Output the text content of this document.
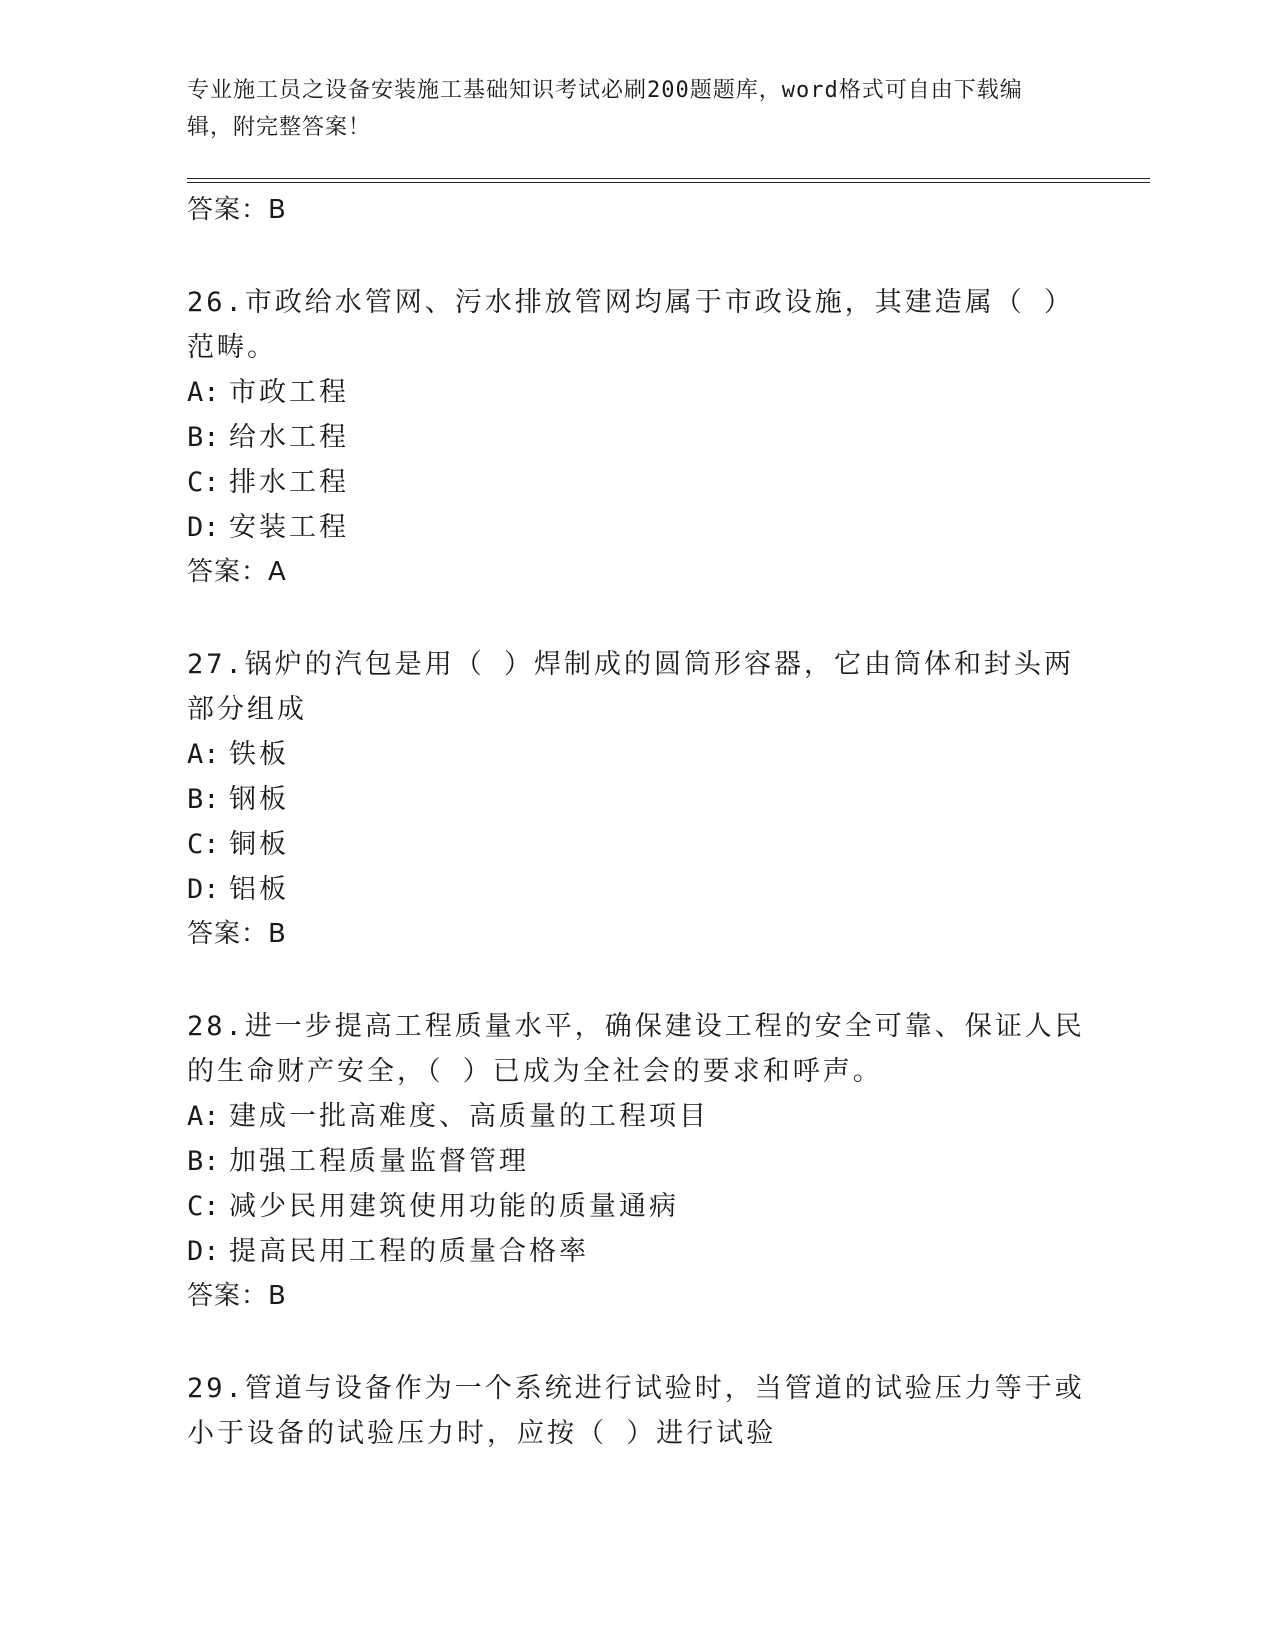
专业施工员之设备安装施工基础知识考试必刷200题题库，word格式可自由下载编辑，附完整答案！

答案：B

26.市政给水管网、污水排放管网均属于市政设施，其建造属（ ）范畴。

A: 市政工程

B: 给水工程

C: 排水工程

D: 安装工程

答案：A

27.锅炉的汽包是用（ ）焊制成的圆筒形容器，它由筒体和封头两部分组成

A: 铁板

B: 钢板

C: 铜板

D: 铝板

答案：B

28.进一步提高工程质量水平，确保建设工程的安全可靠、保证人民的生命财产安全，（ ）已成为全社会的要求和呼声。

A: 建成一批高难度、高质量的工程项目

B: 加强工程质量监督管理

C: 减少民用建筑使用功能的质量通病

D: 提高民用工程的质量合格率

答案：B

29.管道与设备作为一个系统进行试验时，当管道的试验压力等于或小于设备的试验压力时，应按（ ）进行试验
